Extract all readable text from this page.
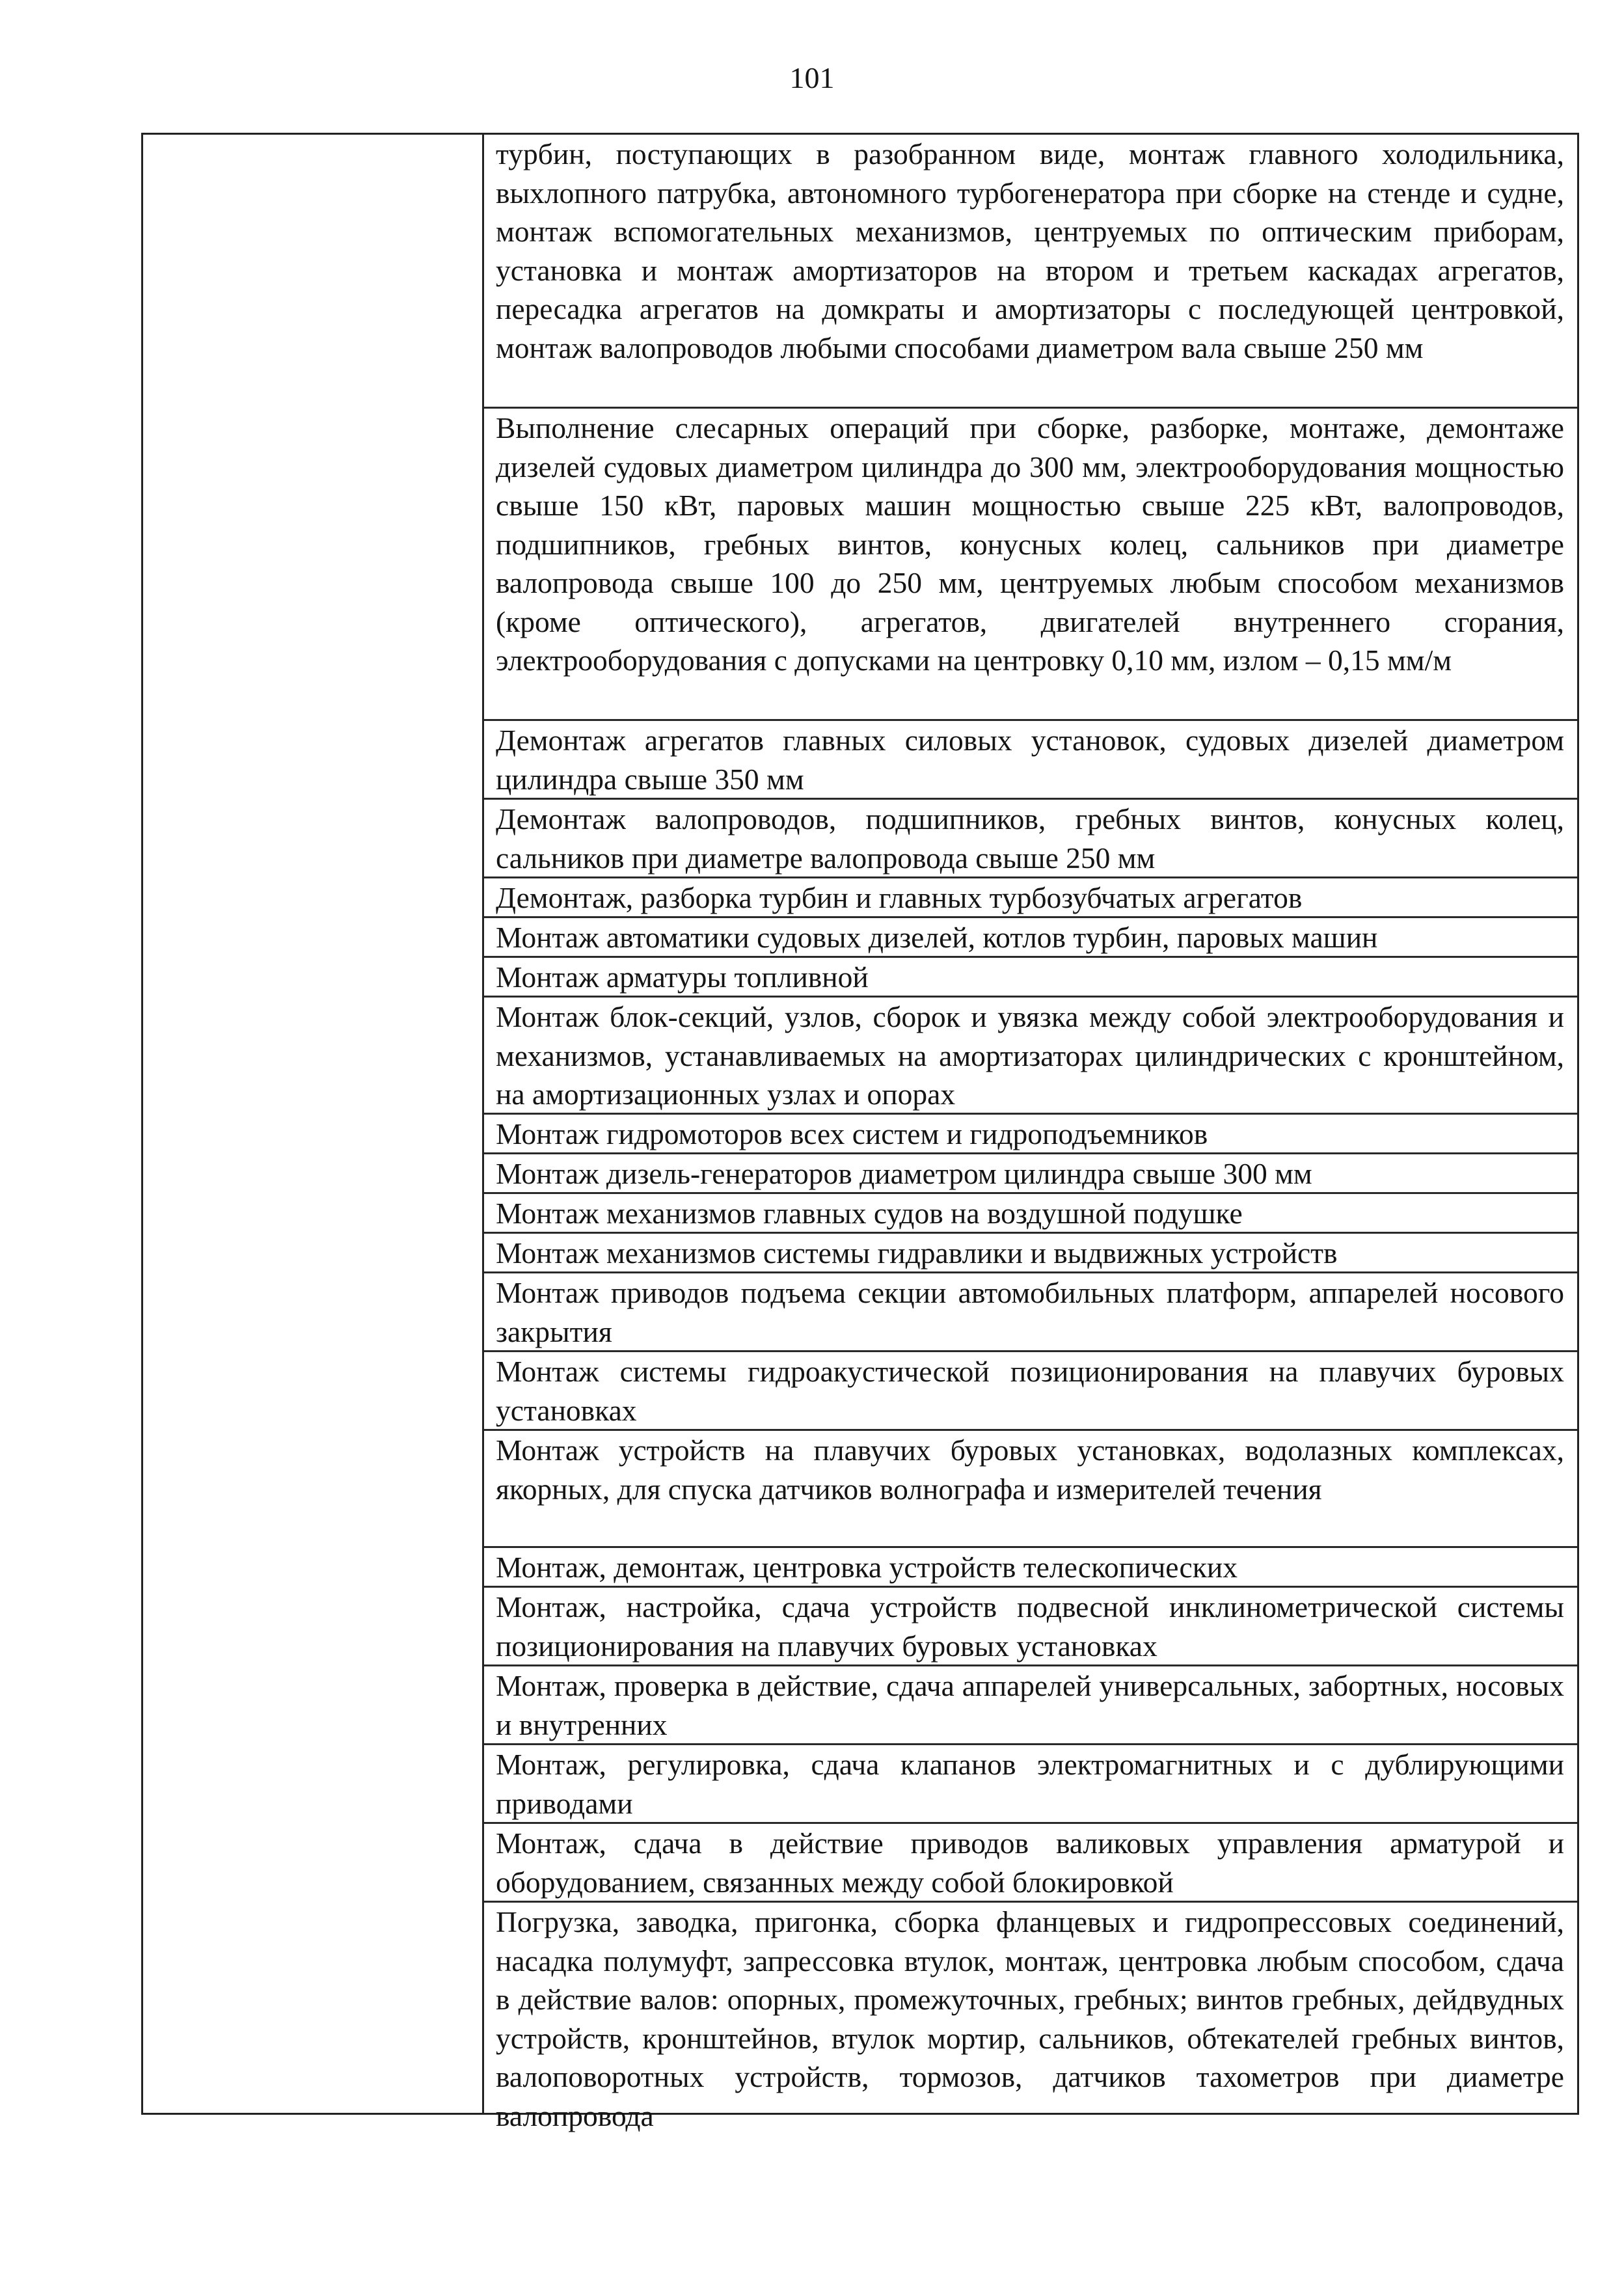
101
турбин, поступающих в разобранном виде, монтаж главного холодильника, выхлопного патрубка, автономного турбогенератора при сборке на стенде и судне, монтаж вспомогательных механизмов, центруемых по оптическим приборам, установка и монтаж амортизаторов на втором и третьем каскадах агрегатов, пересадка агрегатов на домкраты и амортизаторы с последующей центровкой, монтаж валопроводов любыми способами диаметром вала свыше 250 мм
Выполнение слесарных операций при сборке, разборке, монтаже, демонтаже дизелей судовых диаметром цилиндра до 300 мм, электрооборудования мощностью свыше 150 кВт, паровых машин мощностью свыше 225 кВт, валопроводов, подшипников, гребных винтов, конусных колец, сальников при диаметре валопровода свыше 100 до 250 мм, центруемых любым способом механизмов (кроме оптического), агрегатов, двигателей внутреннего сгорания, электрооборудования с допусками на центровку 0,10 мм, излом – 0,15 мм/м
Демонтаж агрегатов главных силовых установок, судовых дизелей диаметром цилиндра свыше 350 мм
Демонтаж валопроводов, подшипников, гребных винтов, конусных колец, сальников при диаметре валопровода свыше 250 мм
Демонтаж, разборка турбин и главных турбозубчатых агрегатов
Монтаж автоматики судовых дизелей, котлов турбин, паровых машин
Монтаж арматуры топливной
Монтаж блок-секций, узлов, сборок и увязка между собой электрооборудования и механизмов, устанавливаемых на амортизаторах цилиндрических с кронштейном, на амортизационных узлах и опорах
Монтаж гидромоторов всех систем и гидроподъемников
Монтаж дизель-генераторов диаметром цилиндра свыше 300 мм
Монтаж механизмов главных судов на воздушной подушке
Монтаж механизмов системы гидравлики и выдвижных устройств
Монтаж приводов подъема секции автомобильных платформ, аппарелей носового закрытия
Монтаж системы гидроакустической позиционирования на плавучих буровых установках
Монтаж устройств на плавучих буровых установках, водолазных комплексах, якорных, для спуска датчиков волнографа и измерителей течения
Монтаж, демонтаж, центровка устройств телескопических
Монтаж, настройка, сдача устройств подвесной инклинометрической системы позиционирования на плавучих буровых установках
Монтаж, проверка в действие, сдача аппарелей универсальных, забортных, носовых и внутренних
Монтаж, регулировка, сдача клапанов электромагнитных и с дублирующими приводами
Монтаж, сдача в действие приводов валиковых управления арматурой и оборудованием, связанных между собой блокировкой
Погрузка, заводка, пригонка, сборка фланцевых и гидропрессовых соединений, насадка полумуфт, запрессовка втулок, монтаж, центровка любым способом, сдача в действие валов: опорных, промежуточных, гребных; винтов гребных, дейдвудных устройств, кронштейнов, втулок мортир, сальников, обтекателей гребных винтов, валоповоротных устройств, тормозов, датчиков тахометров при диаметре валопровода
